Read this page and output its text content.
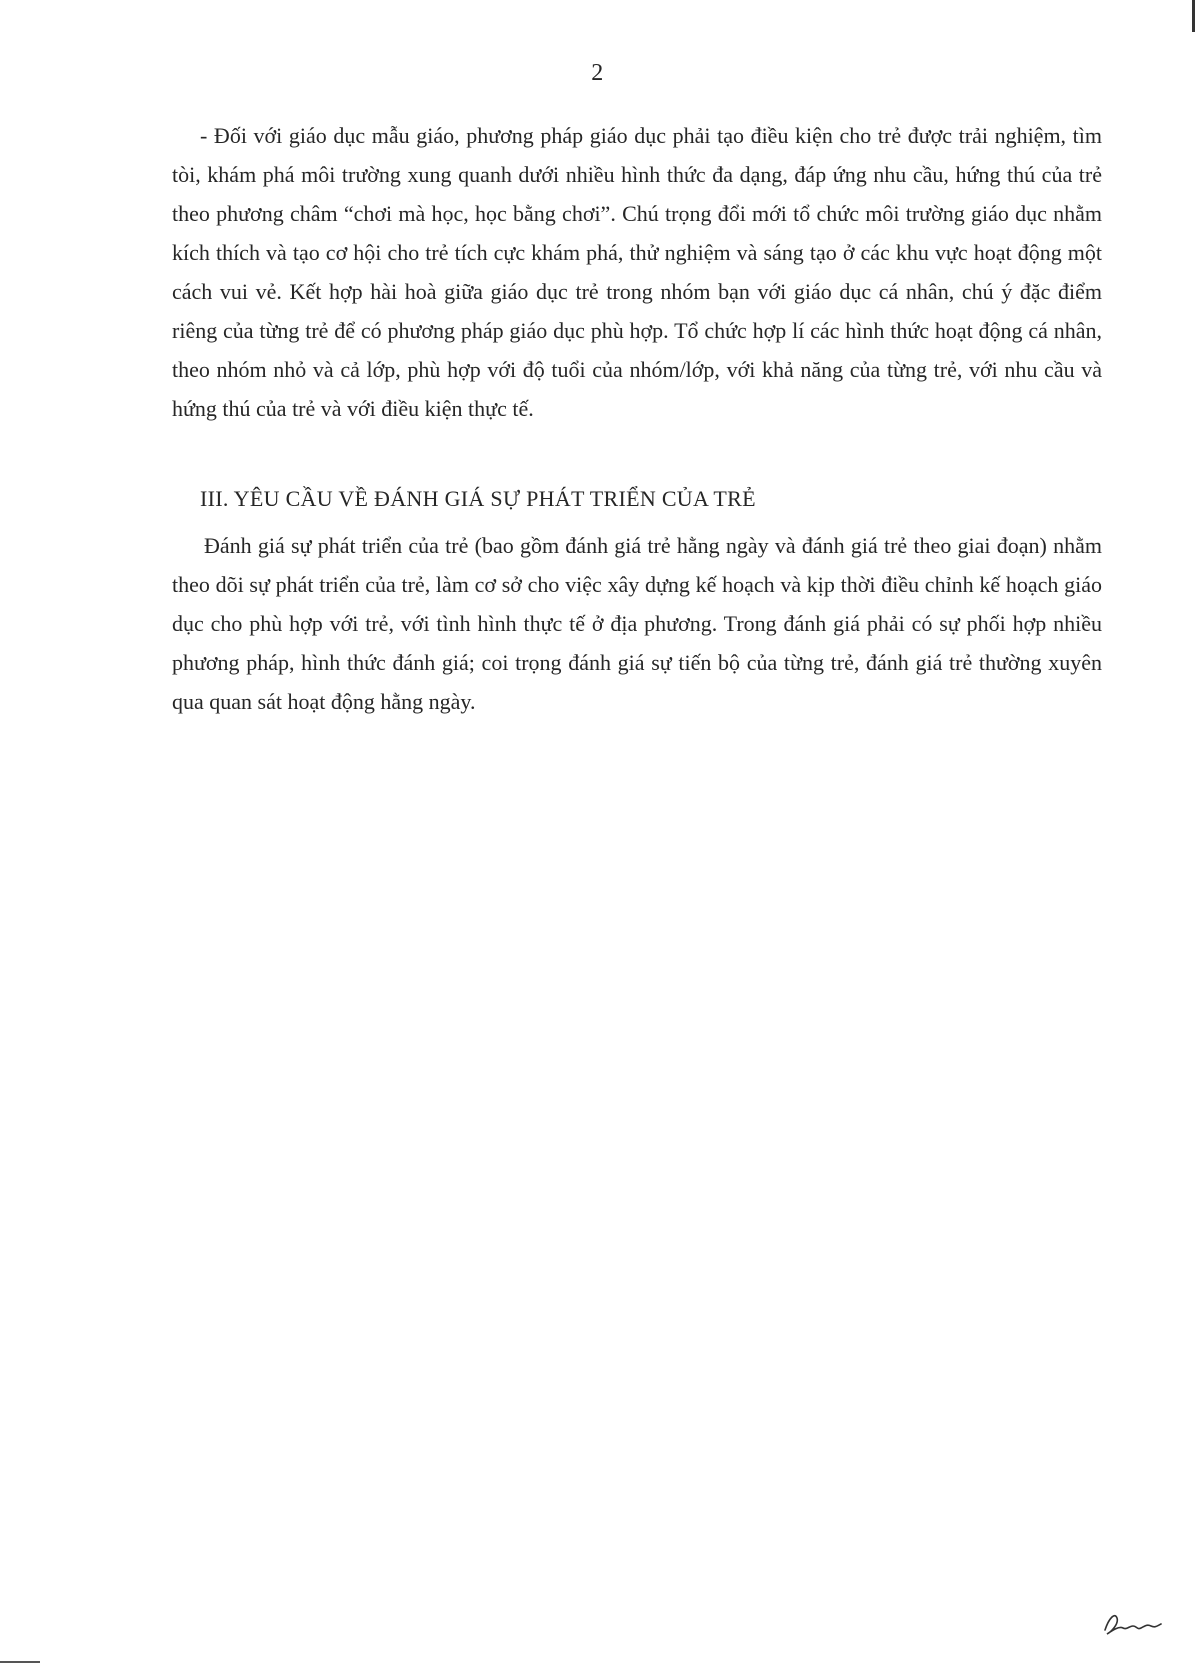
2

- Đối với giáo dục mẫu giáo, phương pháp giáo dục phải tạo điều kiện cho trẻ được trải nghiệm, tìm tòi, khám phá môi trường xung quanh dưới nhiều hình thức đa dạng, đáp ứng nhu cầu, hứng thú của trẻ theo phương châm “chơi mà học, học bằng chơi”. Chú trọng đổi mới tổ chức môi trường giáo dục nhằm kích thích và tạo cơ hội cho trẻ tích cực khám phá, thử nghiệm và sáng tạo ở các khu vực hoạt động một cách vui vẻ. Kết hợp hài hoà giữa giáo dục trẻ trong nhóm bạn với giáo dục cá nhân, chú ý đặc điểm riêng của từng trẻ để có phương pháp giáo dục phù hợp. Tổ chức hợp lí các hình thức hoạt động cá nhân, theo nhóm nhỏ và cả lớp, phù hợp với độ tuổi của nhóm/lớp, với khả năng của từng trẻ, với nhu cầu và hứng thú của trẻ và với điều kiện thực tế.

III. YÊU CẦU VỀ ĐÁNH GIÁ SỰ PHÁT TRIỂN CỦA TRẺ

Đánh giá sự phát triển của trẻ (bao gồm đánh giá trẻ hằng ngày và đánh giá trẻ theo giai đoạn) nhằm theo dõi sự phát triển của trẻ, làm cơ sở cho việc xây dựng kế hoạch và kịp thời điều chỉnh kế hoạch giáo dục cho phù hợp với trẻ, với tình hình thực tế ở địa phương. Trong đánh giá phải có sự phối hợp nhiều phương pháp, hình thức đánh giá; coi trọng đánh giá sự tiến bộ của từng trẻ, đánh giá trẻ thường xuyên qua quan sát hoạt động hằng ngày.
